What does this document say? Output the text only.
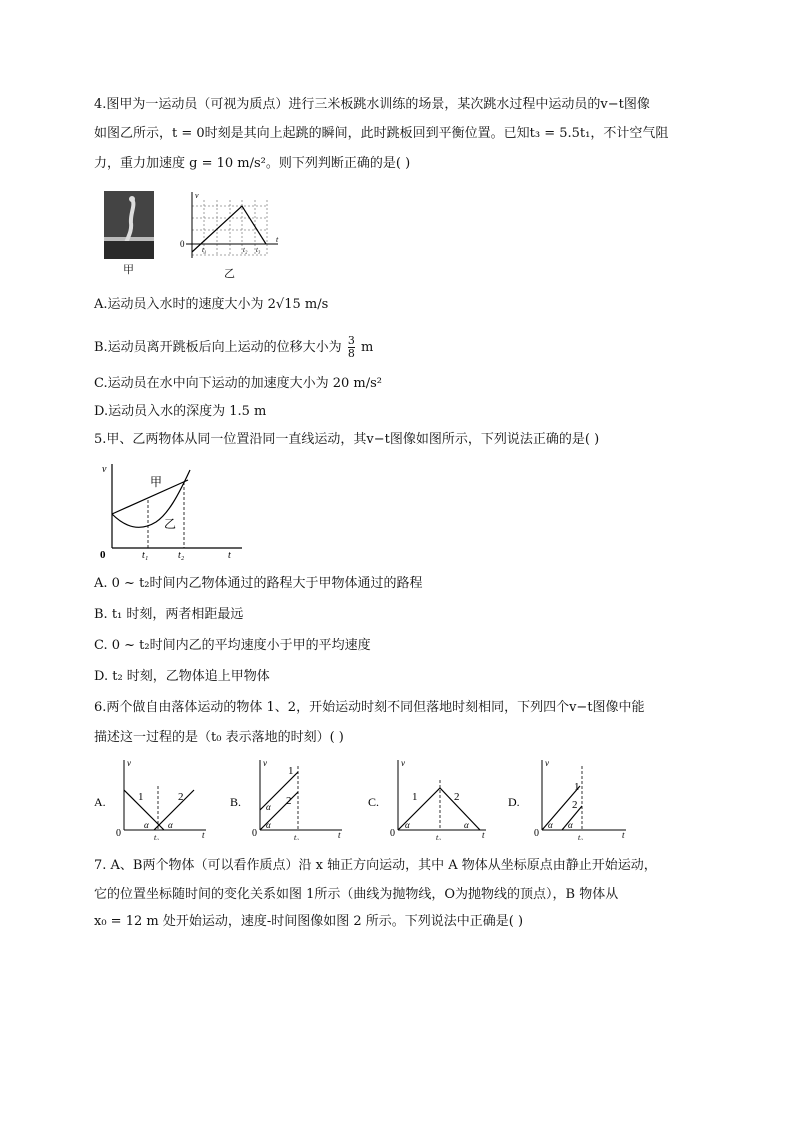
4.图甲为一运动员（可视为质点）进行三米板跳水训练的场景，某次跳水过程中运动员的v−t图像
如图乙所示，t = 0时刻是其向上起跳的瞬间，此时跳板回到平衡位置。已知t₃ = 5.5t₁，不计空气阻
力，重力加速度 g = 10 m/s²。则下列判断正确的是( )
甲
v
t
0
t₁	t₂ t₃
乙
A.运动员入水时的速度大小为 2√15 m/s
B.运动员离开跳板后向上运动的位移大小为 $\frac{3}{8}$ m
C.运动员在水中向下运动的加速度大小为 20 m/s²
D.运动员入水的深度为 1.5 m
5.甲、乙两物体从同一位置沿同一直线运动，其v−t图像如图所示，下列说法正确的是( )
v
t
0
甲
乙
t₁	t₂
A. 0 ~ t₂时间内乙物体通过的路程大于甲物体通过的路程
B. t₁ 时刻，两者相距最远
C. 0 ~ t₂时间内乙的平均速度小于甲的平均速度
D. t₂ 时刻，乙物体追上甲物体
6.两个做自由落体运动的物体 1、2，开始运动时刻不同但落地时刻相同，下列四个v−t图像中能
描述这一过程的是（t₀ 表示落地的时刻）( )
A.
v
t
0
1	2
α α
t₀
B.
v
t
0
1
2
α
α
t₀
C.
v
t
0
1	2
α	α
t₀
D.
v
t
0
1
2
α α
t₀
7. A、B两个物体（可以看作质点）沿 x 轴正方向运动，其中 A 物体从坐标原点由静止开始运动，
它的位置坐标随时间的变化关系如图 1所示（曲线为抛物线，O为抛物线的顶点），B 物体从
x₀ = 12 m 处开始运动，速度-时间图像如图 2 所示。下列说法中正确是( )
